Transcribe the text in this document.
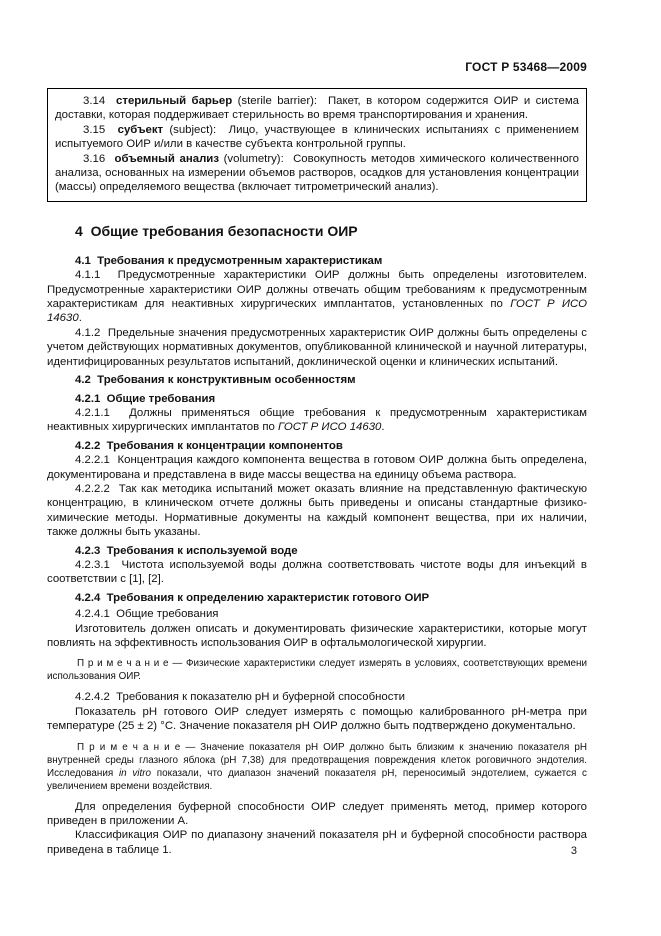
ГОСТ Р 53468—2009

3.14  стерильный барьер (sterile barrier):  Пакет, в котором содержится ОИР и система доставки, которая поддерживает стерильность во время транспортирования и хранения.

3.15  субъект (subject):  Лицо, участвующее в клинических испытаниях с применением испытуемого ОИР и/или в качестве субъекта контрольной группы.

3.16  объемный анализ (volumetry):  Совокупность методов химического количественного анализа, основанных на измерении объемов растворов, осадков для установления концентрации (массы) определяемого вещества (включает титрометрический анализ).

4  Общие требования безопасности ОИР

4.1  Требования к предусмотренным характеристикам

4.1.1  Предусмотренные характеристики ОИР должны быть определены изготовителем. Предусмотренные характеристики ОИР должны отвечать общим требованиям к предусмотренным характеристикам для неактивных хирургических имплантатов, установленных по ГОСТ Р ИСО 14630.

4.1.2  Предельные значения предусмотренных характеристик ОИР должны быть определены с учетом действующих нормативных документов, опубликованной клинической и научной литературы, идентифицированных результатов испытаний, доклинической оценки и клинических испытаний.

4.2  Требования к конструктивным особенностям

4.2.1  Общие требования

4.2.1.1  Должны применяться общие требования к предусмотренным характеристикам неактивных хирургических имплантатов по ГОСТ Р ИСО 14630.

4.2.2  Требования к концентрации компонентов

4.2.2.1  Концентрация каждого компонента вещества в готовом ОИР должна быть определена, документирована и представлена в виде массы вещества на единицу объема раствора.

4.2.2.2  Так как методика испытаний может оказать влияние на представленную фактическую концентрацию, в клиническом отчете должны быть приведены и описаны стандартные физико-химические методы. Нормативные документы на каждый компонент вещества, при их наличии, также должны быть указаны.

4.2.3  Требования к используемой воде

4.2.3.1  Чистота используемой воды должна соответствовать чистоте воды для инъекций в соответствии с [1], [2].

4.2.4  Требования к определению характеристик готового ОИР

4.2.4.1  Общие требования

Изготовитель должен описать и документировать физические характеристики, которые могут повлиять на эффективность использования ОИР в офтальмологической хирургии.

П р и м е ч а н и е — Физические характеристики следует измерять в условиях, соответствующих времени использования ОИР.

4.2.4.2  Требования к показателю pH и буферной способности

Показатель pH готового ОИР следует измерять с помощью калиброванного pH-метра при температуре (25 ± 2) °С. Значение показателя pH ОИР должно быть подтверждено документально.

П р и м е ч а н и е — Значение показателя pH ОИР должно быть близким к значению показателя pH внутренней среды глазного яблока (pH 7,38) для предотвращения повреждения клеток роговичного эндотелия. Исследования in vitro показали, что диапазон значений показателя pH, переносимый эндотелием, сужается с увеличением времени воздействия.

Для определения буферной способности ОИР следует применять метод, пример которого приведен в приложении А.

Классификация ОИР по диапазону значений показателя pH и буферной способности раствора приведена в таблице 1.	3
